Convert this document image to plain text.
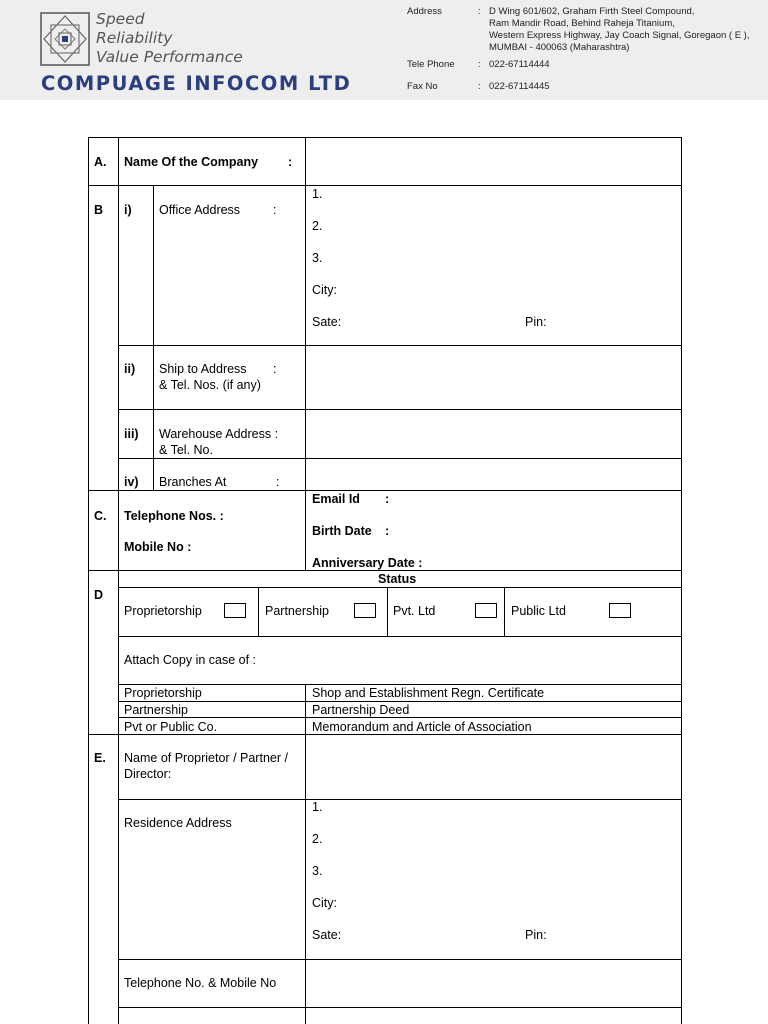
Speed
Reliability
Value Performance
COMPUAGE INFOCOM LTD
Address	: D Wing 601/602, Graham Firth Steel Compound,
Ram Mandir Road, Behind Raheja Titanium,
Western Express Highway, Jay Coach Signal, Goregaon ( E ),
MUMBAI - 400063 (Maharashtra)
Tele Phone : 022-67114444
Fax No	: 022-67114445
A. Name Of the Company :
B i) Office Address	:
1.
2.
3.
City:
Sate:	Pin:
ii) Ship to Address :
& Tel. Nos. (if any)
iii) Warehouse Address :
& Tel. No.
iv) Branches At	:
C. Telephone Nos. :
Mobile No :
Email Id :
Birth Date :
Anniversary Date :
Status
D
Proprietorship	Partnership	Pvt. Ltd	Public Ltd
Attach Copy in case of :
Proprietorship	Shop and Establishment Regn. Certificate
Partnership	Partnership Deed
Pvt or Public Co.	Memorandum and Article of Association
E. Name of Proprietor / Partner /
Director:
Residence Address
1.
2.
3.
City:
Sate:	Pin:
Telephone No. & Mobile No
